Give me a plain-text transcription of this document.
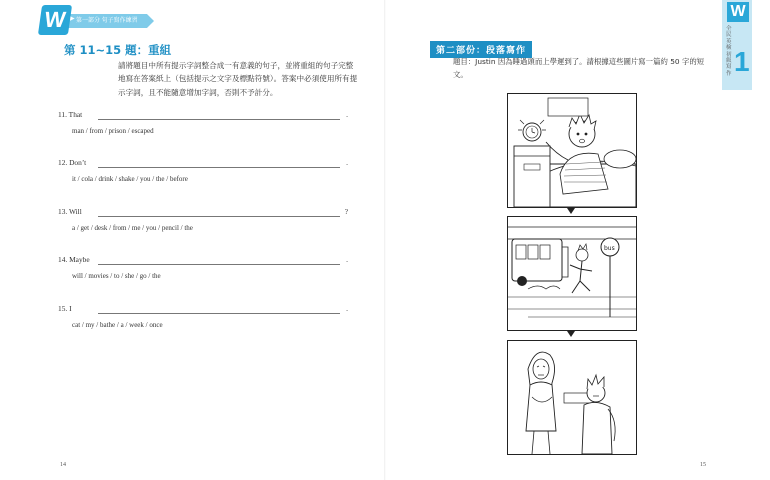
▶ 第一部分 句子寫作練習
W
第 11~15 題：重組
請將題目中所有提示字詞整合成一有意義的句子，並將重組的句子完整地寫在答案紙上（包括提示之文字及標點符號）。答案中必須使用所有提示字詞，且不能隨意增加字詞，否則不予計分。
11. That	.
man / from / prison / escaped
12. Don’t	.
it / cola / drink / shake / you / the / before
13. Will	?
a / get / desk / from / me / you / pencil / the
14. Maybe	.
will / movies / to / she / go / the
15. I	.
cat / my / bathe / a / week / once
14
第二部份：段落寫作
題目：Justin 因為睡過頭而上學遲到了。請根據這些圖片寫一篇約 50 字的短文。
bus
15
W
全民英檢初級寫作 1
